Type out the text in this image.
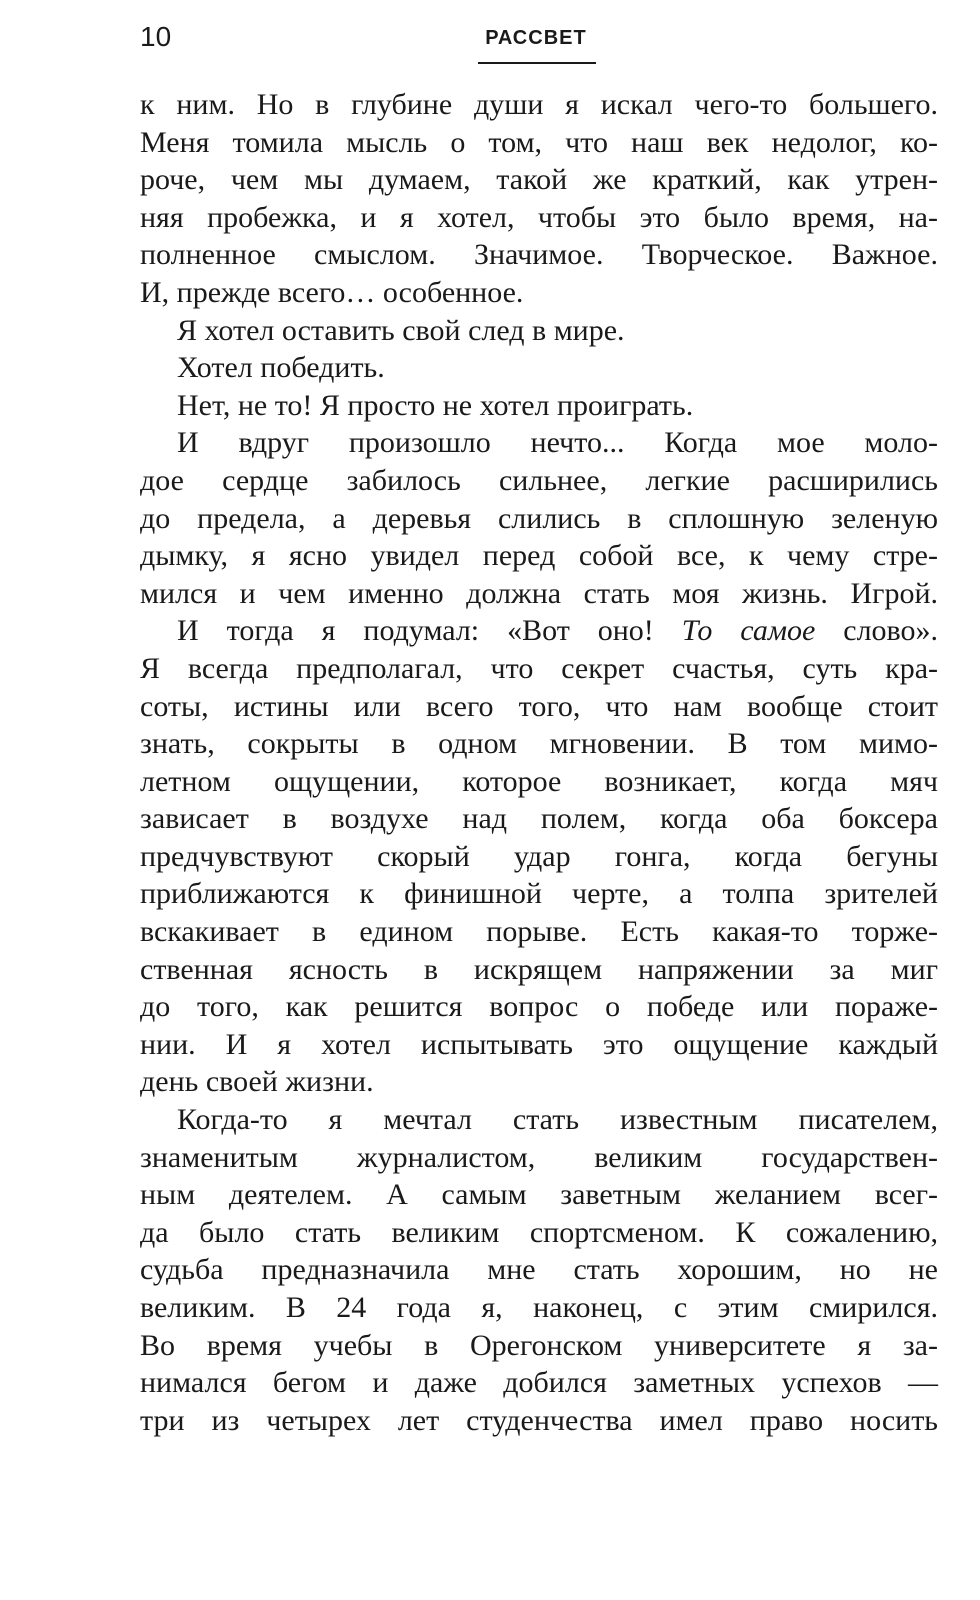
10	РАССВЕТ
к ним. Но в глубине души я искал чего-то большего.
Меня томила мысль о том, что наш век недолог, ко-
роче, чем мы думаем, такой же краткий, как утрен-
няя пробежка, и я хотел, чтобы это было время, на-
полненное смыслом. Значимое. Творческое. Важное.
И, прежде всего… особенное.
Я хотел оставить свой след в мире.
Хотел победить.
Нет, не то! Я просто не хотел проиграть.
И вдруг произошло нечто... Когда мое моло-
дое сердце забилось сильнее, легкие расширились
до предела, а деревья слились в сплошную зеленую
дымку, я ясно увидел перед собой все, к чему стре-
мился и чем именно должна стать моя жизнь. Игрой.
И тогда я подумал: «Вот оно! То самое слово».
Я всегда предполагал, что секрет счастья, суть кра-
соты, истины или всего того, что нам вообще стоит
знать, сокрыты в одном мгновении. В том мимо-
летном ощущении, которое возникает, когда мяч
зависает в воздухе над полем, когда оба боксера
предчувствуют скорый удар гонга, когда бегуны
приближаются к финишной черте, а толпа зрителей
вскакивает в едином порыве. Есть какая-то торже-
ственная ясность в искрящем напряжении за миг
до того, как решится вопрос о победе или пораже-
нии. И я хотел испытывать это ощущение каждый
день своей жизни.
Когда-то я мечтал стать известным писателем,
знаменитым журналистом, великим государствен-
ным деятелем. А самым заветным желанием всег-
да было стать великим спортсменом. К сожалению,
судьба предназначила мне стать хорошим, но не
великим. В 24 года я, наконец, с этим смирился.
Во время учебы в Орегонском университете я за-
нимался бегом и даже добился заметных успехов —
три из четырех лет студенчества имел право носить
